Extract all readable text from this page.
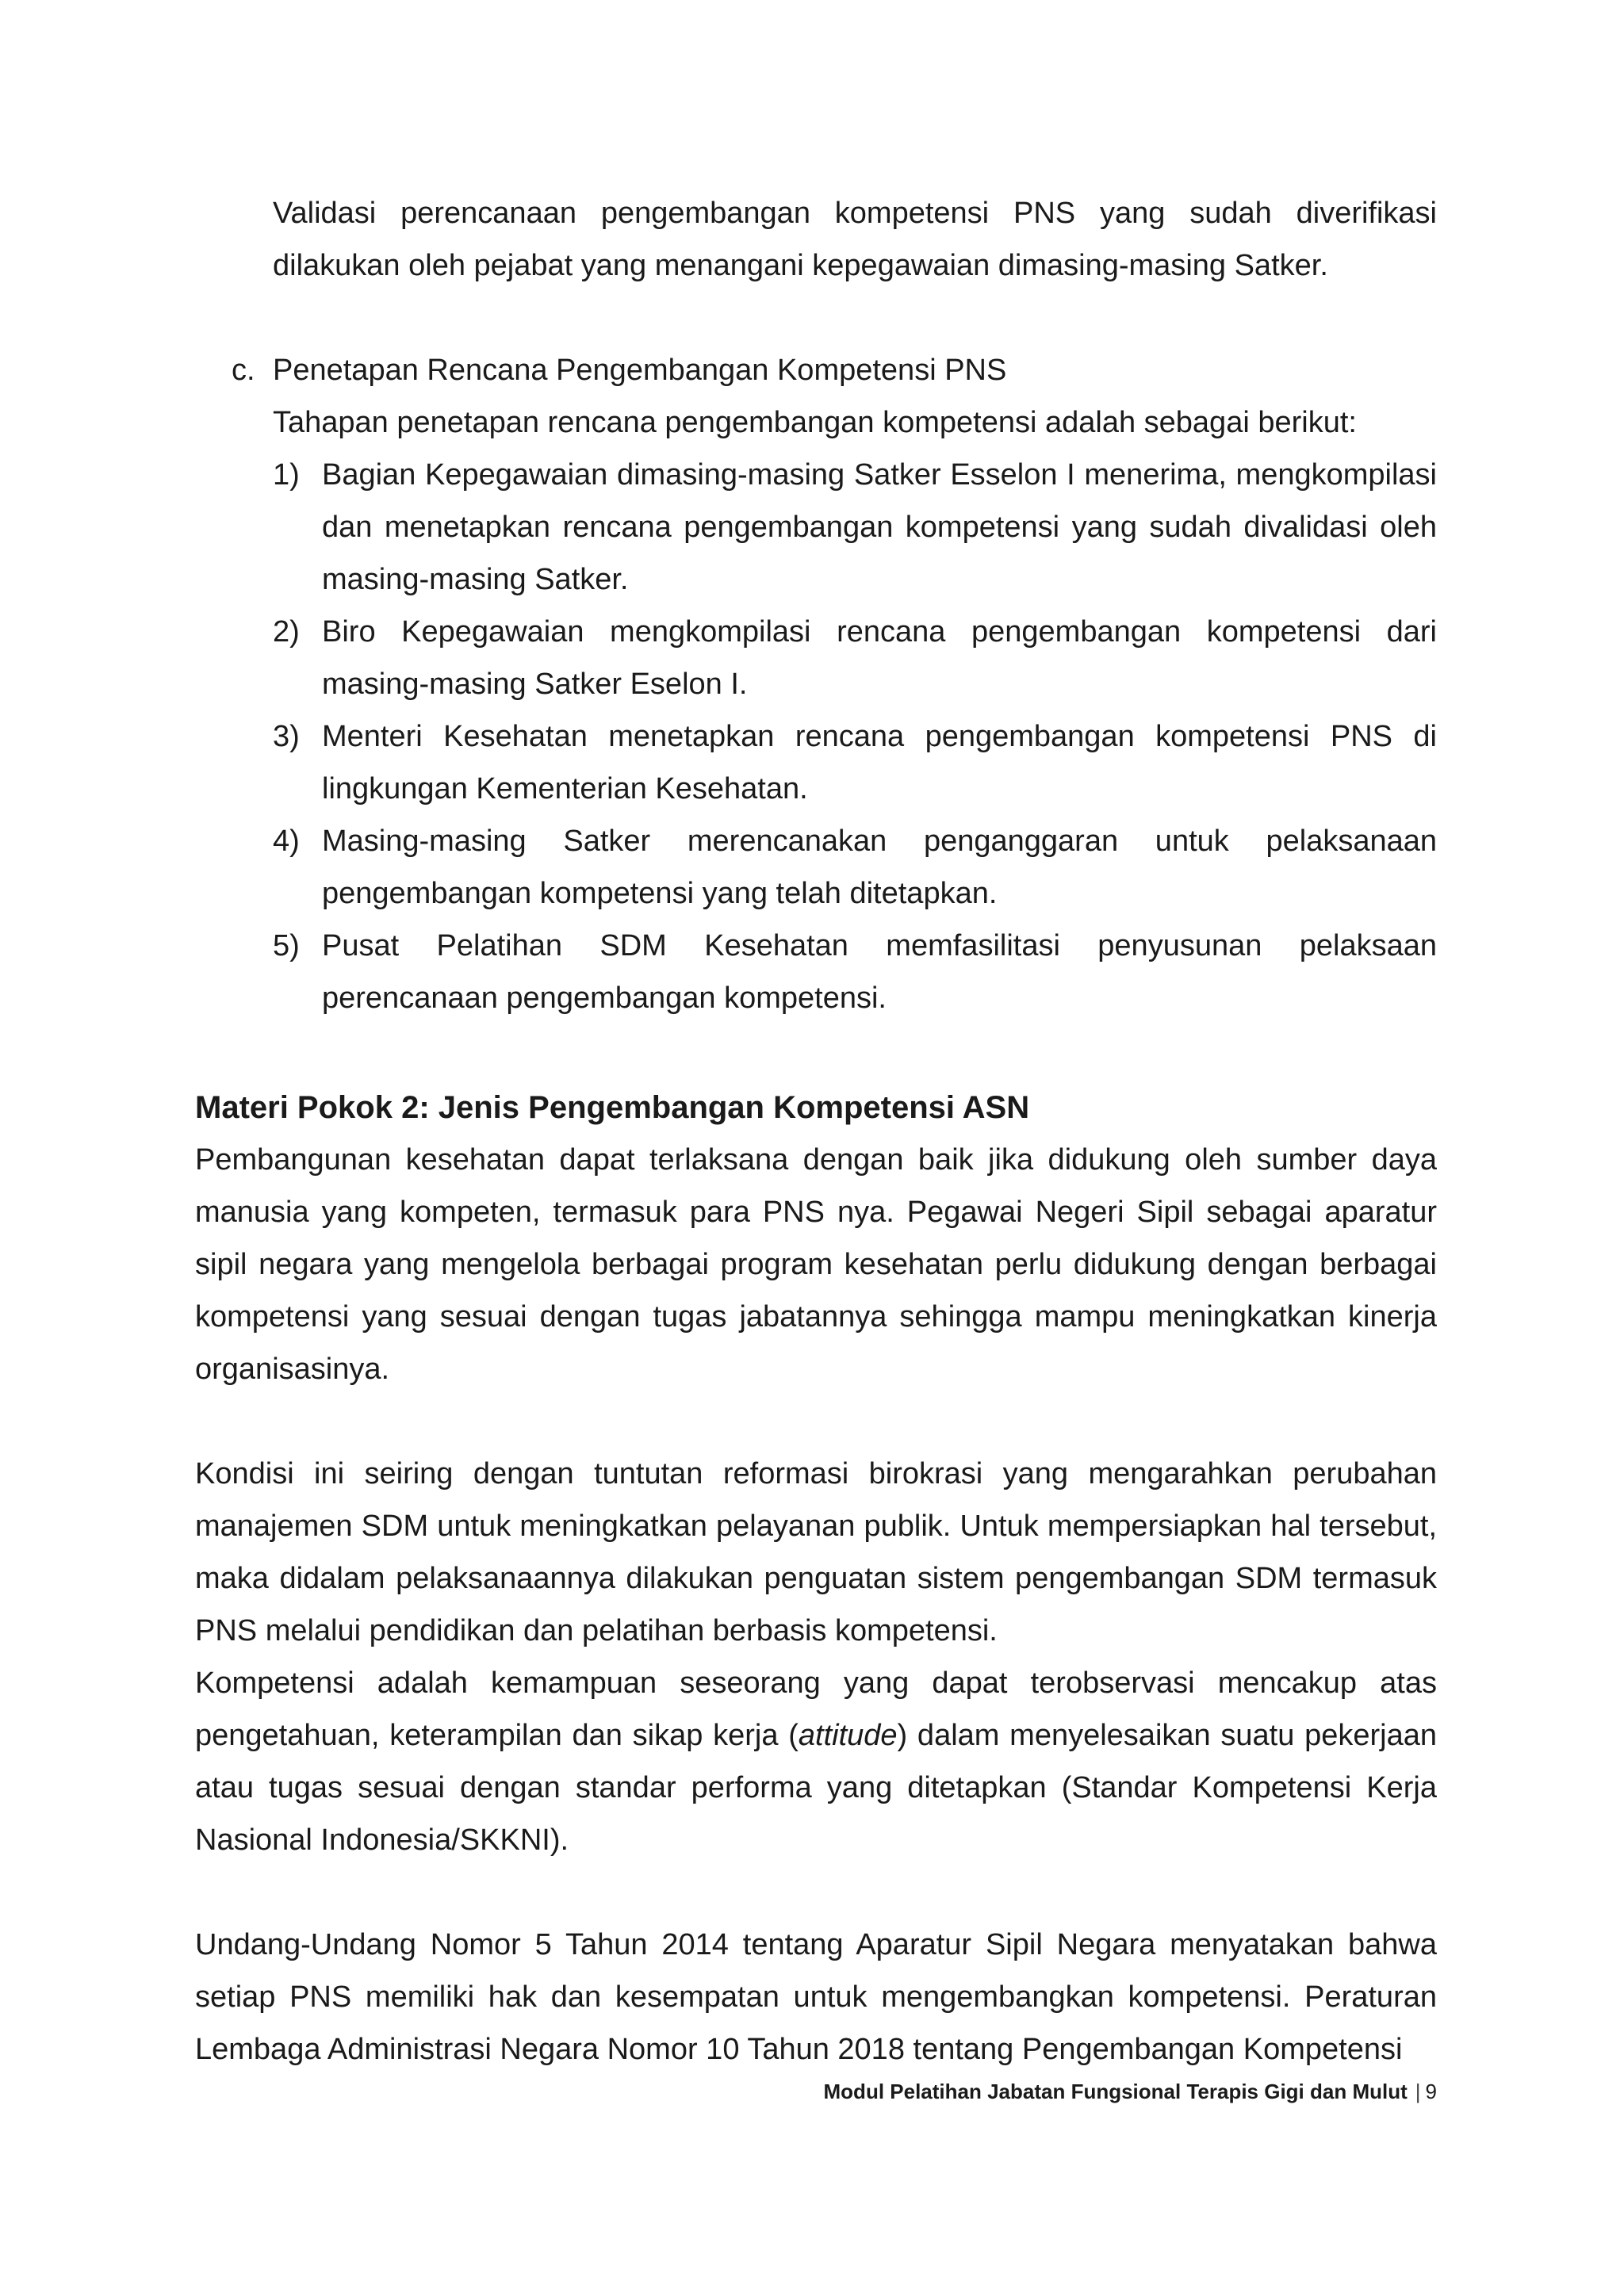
Validasi perencanaan pengembangan kompetensi PNS yang sudah diverifikasi dilakukan oleh pejabat yang menangani kepegawaian dimasing-masing Satker.

c. Penetapan Rencana Pengembangan Kompetensi PNS
Tahapan penetapan rencana pengembangan kompetensi adalah sebagai berikut:
1) Bagian Kepegawaian dimasing-masing Satker Esselon I menerima, mengkompilasi dan menetapkan rencana pengembangan kompetensi yang sudah divalidasi oleh masing-masing Satker.
2) Biro Kepegawaian mengkompilasi rencana pengembangan kompetensi dari masing-masing Satker Eselon I.
3) Menteri Kesehatan menetapkan rencana pengembangan kompetensi PNS di lingkungan Kementerian Kesehatan.
4) Masing-masing Satker merencanakan penganggaran untuk pelaksanaan pengembangan kompetensi yang telah ditetapkan.
5) Pusat Pelatihan SDM Kesehatan memfasilitasi penyusunan pelaksaan perencanaan pengembangan kompetensi.
Materi Pokok 2: Jenis Pengembangan Kompetensi ASN

Pembangunan kesehatan dapat terlaksana dengan baik jika didukung oleh sumber daya manusia yang kompeten, termasuk para PNS nya. Pegawai Negeri Sipil sebagai aparatur sipil negara yang mengelola berbagai program kesehatan perlu didukung dengan berbagai kompetensi yang sesuai dengan tugas jabatannya sehingga mampu meningkatkan kinerja organisasinya.

Kondisi ini seiring dengan tuntutan reformasi birokrasi yang mengarahkan perubahan manajemen SDM untuk meningkatkan pelayanan publik. Untuk mempersiapkan hal tersebut, maka didalam pelaksanaannya dilakukan penguatan sistem pengembangan SDM termasuk PNS melalui pendidikan dan pelatihan berbasis kompetensi.

Kompetensi adalah kemampuan seseorang yang dapat terobservasi mencakup atas pengetahuan, keterampilan dan sikap kerja (attitude) dalam menyelesaikan suatu pekerjaan atau tugas sesuai dengan standar performa yang ditetapkan (Standar Kompetensi Kerja Nasional Indonesia/SKKNI).

Undang-Undang Nomor 5 Tahun 2014 tentang Aparatur Sipil Negara menyatakan bahwa setiap PNS memiliki hak dan kesempatan untuk mengembangkan kompetensi. Peraturan Lembaga Administrasi Negara Nomor 10 Tahun 2018 tentang Pengembangan Kompetensi

Modul Pelatihan Jabatan Fungsional Terapis Gigi dan Mulut | 9
